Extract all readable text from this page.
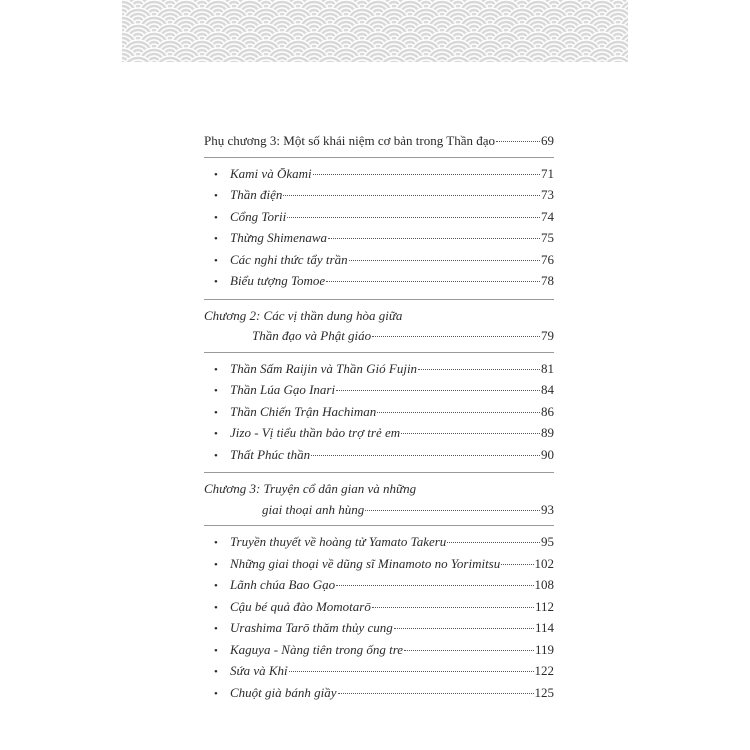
Phụ chương 3: Một số khái niệm cơ bản trong Thần đạo	69
• Kami và Ōkami	71
• Thần điện	73
• Cổng Torii	74
• Thừng Shimenawa	75
• Các nghi thức tẩy trần	76
• Biểu tượng Tomoe	78
Chương 2: Các vị thần dung hòa giữa
Thần đạo và Phật giáo	79
• Thần Sấm Raijin và Thần Gió Fujin	81
• Thần Lúa Gạo Inari	84
• Thần Chiến Trận Hachiman	86
• Jizo - Vị tiểu thần bảo trợ trẻ em	89
• Thất Phúc thần	90
Chương 3: Truyện cổ dân gian và những
giai thoại anh hùng	93
• Truyền thuyết về hoàng tử Yamato Takeru	95
• Những giai thoại về dũng sĩ Minamoto no Yorimitsu	102
• Lãnh chúa Bao Gạo	108
• Cậu bé quả đào Momotarō	112
• Urashima Tarō thăm thủy cung	114
• Kaguya - Nàng tiên trong ống tre	119
• Sứa và Khỉ	122
• Chuột già bánh giầy	125
